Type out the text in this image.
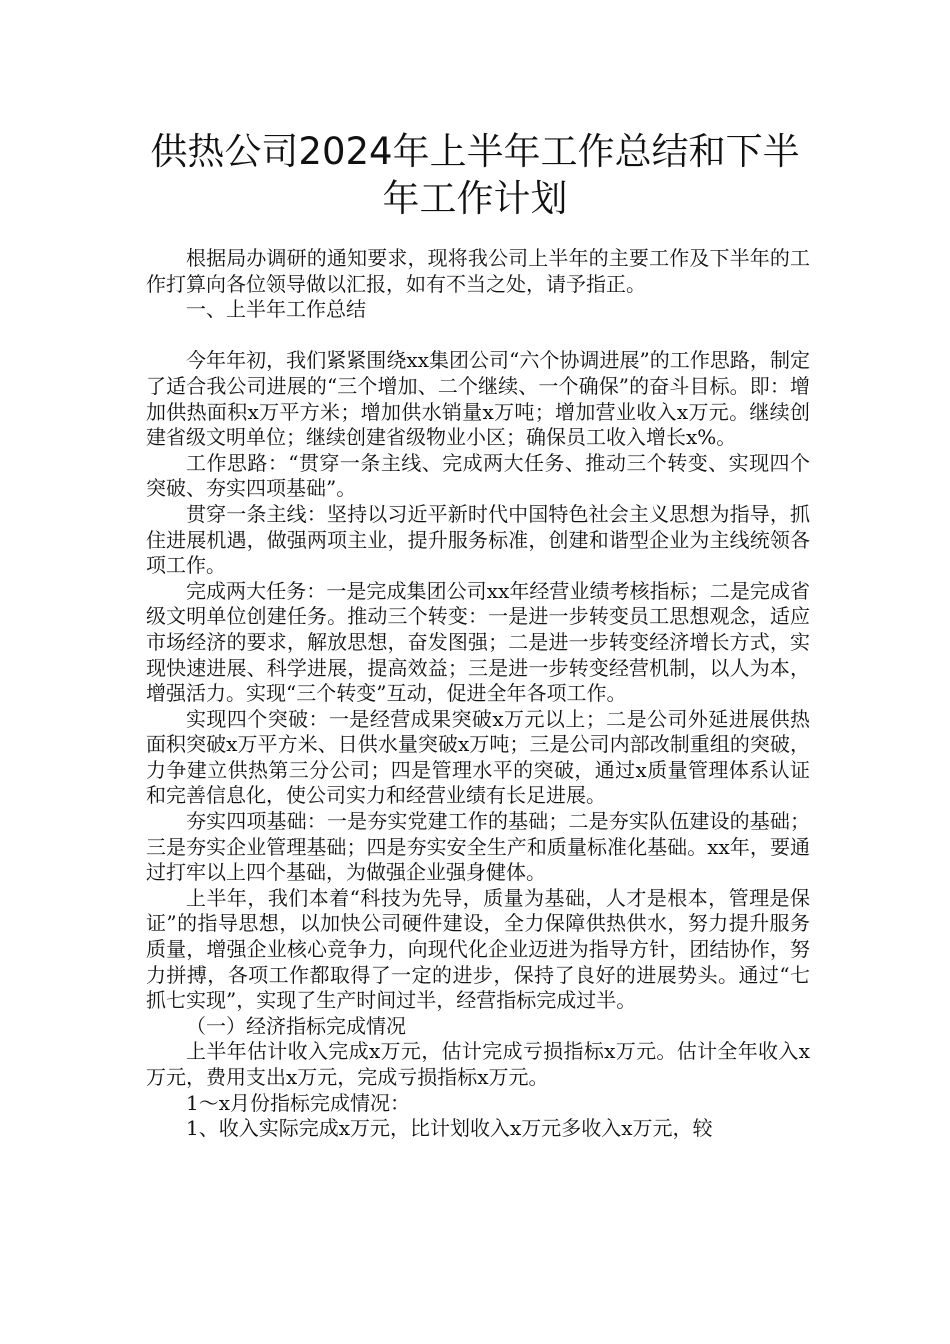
供热公司2024年上半年工作总结和下半年工作计划

根据局办调研的通知要求，现将我公司上半年的主要工作及下半年的工作打算向各位领导做以汇报，如有不当之处，请予指正。

一、上半年工作总结

今年年初，我们紧紧围绕xx集团公司“六个协调进展”的工作思路，制定了适合我公司进展的“三个增加、二个继续、一个确保”的奋斗目标。即：增加供热面积x万平方米；增加供水销量x万吨；增加营业收入x万元。继续创建省级文明单位；继续创建省级物业小区；确保员工收入增长x%。

工作思路：“贯穿一条主线、完成两大任务、推动三个转变、实现四个突破、夯实四项基础”。

贯穿一条主线：坚持以习近平新时代中国特色社会主义思想为指导，抓住进展机遇，做强两项主业，提升服务标准，创建和谐型企业为主线统领各项工作。

完成两大任务：一是完成集团公司xx年经营业绩考核指标；二是完成省级文明单位创建任务。推动三个转变：一是进一步转变员工思想观念，适应市场经济的要求，解放思想，奋发图强；二是进一步转变经济增长方式，实现快速进展、科学进展，提高效益；三是进一步转变经营机制，以人为本，增强活力。实现“三个转变”互动，促进全年各项工作。

实现四个突破：一是经营成果突破x万元以上；二是公司外延进展供热面积突破x万平方米、日供水量突破x万吨；三是公司内部改制重组的突破，力争建立供热第三分公司；四是管理水平的突破，通过x质量管理体系认证和完善信息化，使公司实力和经营业绩有长足进展。

夯实四项基础：一是夯实党建工作的基础；二是夯实队伍建设的基础；三是夯实企业管理基础；四是夯实安全生产和质量标准化基础。xx年，要通过打牢以上四个基础，为做强企业强身健体。

上半年，我们本着“科技为先导，质量为基础，人才是根本，管理是保证”的指导思想，以加快公司硬件建设，全力保障供热供水，努力提升服务质量，增强企业核心竞争力，向现代化企业迈进为指导方针，团结协作，努力拼搏，各项工作都取得了一定的进步，保持了良好的进展势头。通过“七抓七实现”，实现了生产时间过半，经营指标完成过半。

（一）经济指标完成情况

上半年估计收入完成x万元，估计完成亏损指标x万元。估计全年收入x万元，费用支出x万元，完成亏损指标x万元。

1～x月份指标完成情况：

1、收入实际完成x万元，比计划收入x万元多收入x万元，较
